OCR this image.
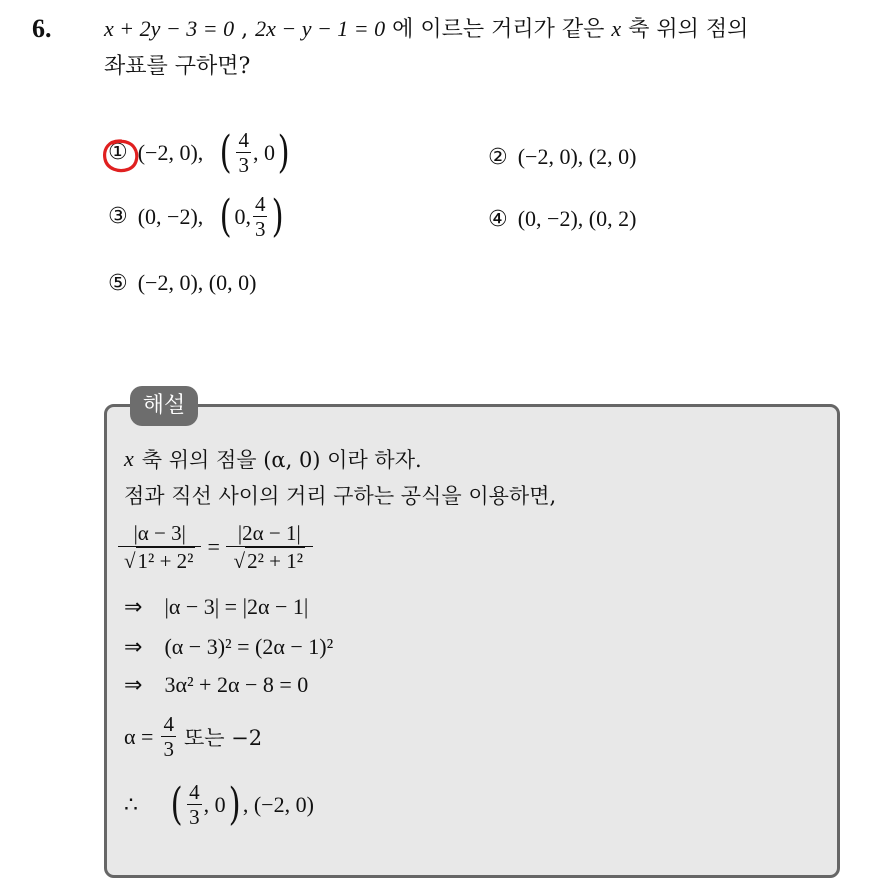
6. x + 2y − 3 = 0 , 2x − y − 1 = 0 에 이르는 거리가 같은 x 축 위의 점의
좌표를 구하면?
① (−2, 0), ( $\frac{4}{3}$ , 0 )	② (−2, 0), (2, 0)
③ (0, −2), ( 0, $\frac{4}{3}$ )	④ (0, −2), (0, 2)
⑤ (−2, 0), (0, 0)
해설
x 축 위의 점을 (α, 0) 이라 하자.
점과 직선 사이의 거리 구하는 공식을 이용하면,
$\frac{|\alpha - 3|}{\text{√ 1² + 2²}} = \frac{|2\alpha - 1|}{\text{√ 2² + 1²}}$
⇒ |α − 3| = |2α − 1|
⇒ (α − 3)² = (2α − 1)²
⇒ 3α² + 2α − 8 = 0
$\alpha = \frac{4}{3}$ 또는 −2
∴ ( $\frac{4}{3}$ , 0 ) , (−2, 0)
